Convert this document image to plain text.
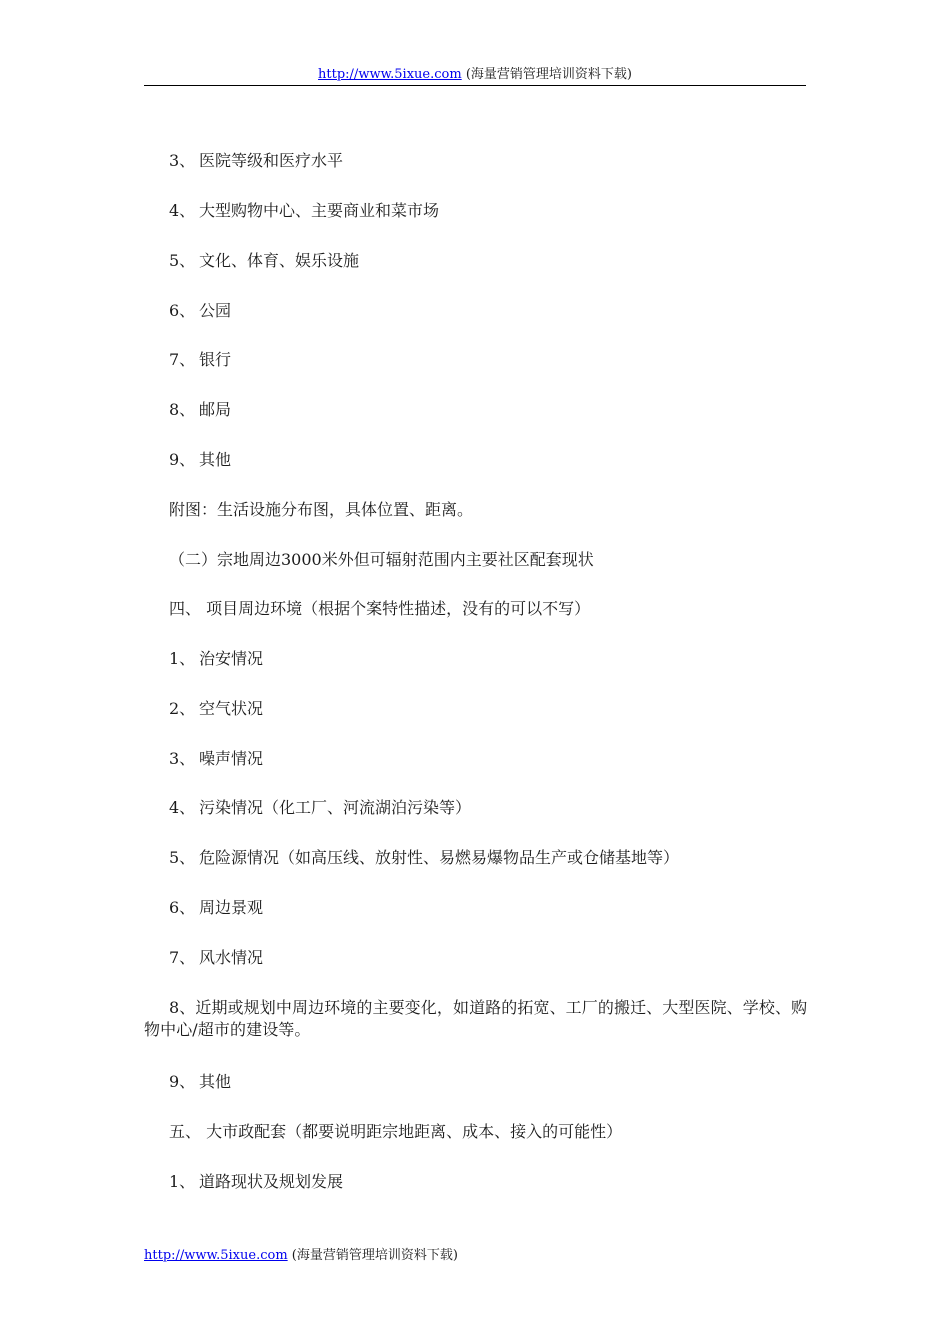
http://www.5ixue.com (海量营销管理培训资料下载)
3、 医院等级和医疗水平
4、 大型购物中心、主要商业和菜市场
5、 文化、体育、娱乐设施
6、 公园
7、 银行
8、 邮局
9、 其他
附图：生活设施分布图，具体位置、距离。
（二）宗地周边3000米外但可辐射范围内主要社区配套现状
四、 项目周边环境（根据个案特性描述，没有的可以不写）
1、 治安情况
2、 空气状况
3、 噪声情况
4、 污染情况（化工厂、河流湖泊污染等）
5、 危险源情况（如高压线、放射性、易燃易爆物品生产或仓储基地等）
6、 周边景观
7、 风水情况
8、近期或规划中周边环境的主要变化，如道路的拓宽、工厂的搬迁、大型医院、学校、购物中心/超市的建设等。
9、 其他
五、 大市政配套（都要说明距宗地距离、成本、接入的可能性）
1、 道路现状及规划发展
http://www.5ixue.com (海量营销管理培训资料下载)
